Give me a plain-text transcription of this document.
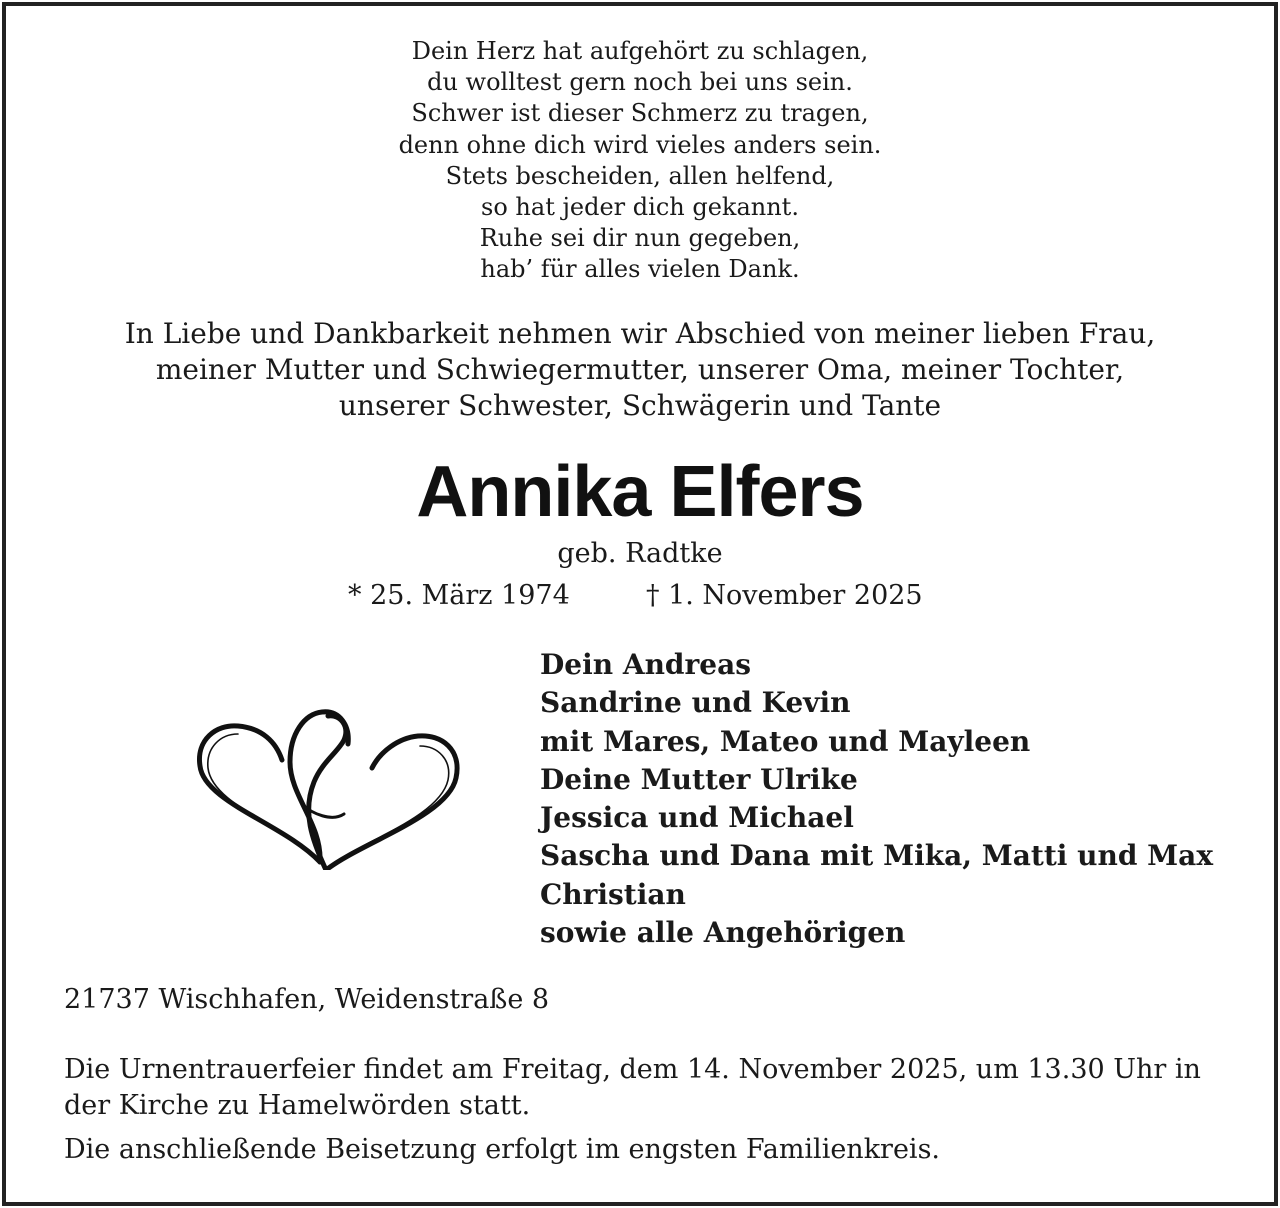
Dein Herz hat aufgehört zu schlagen,
du wolltest gern noch bei uns sein.
Schwer ist dieser Schmerz zu tragen,
denn ohne dich wird vieles anders sein.
Stets bescheiden, allen helfend,
so hat jeder dich gekannt.
Ruhe sei dir nun gegeben,
hab’ für alles vielen Dank.
In Liebe und Dankbarkeit nehmen wir Abschied von meiner lieben Frau,
meiner Mutter und Schwiegermutter, unserer Oma, meiner Tochter,
unserer Schwester, Schwägerin und Tante
Annika Elfers
geb. Radtke
* 25. März 1974	† 1. November 2025
Dein Andreas
Sandrine und Kevin
mit Mares, Mateo und Mayleen
Deine Mutter Ulrike
Jessica und Michael
Sascha und Dana mit Mika, Matti und Max
Christian
sowie alle Angehörigen
21737 Wischhafen, Weidenstraße 8
Die Urnentrauerfeier findet am Freitag, dem 14. November 2025, um 13.30 Uhr in der Kirche zu Hamelwörden statt.
Die anschließende Beisetzung erfolgt im engsten Familienkreis.
